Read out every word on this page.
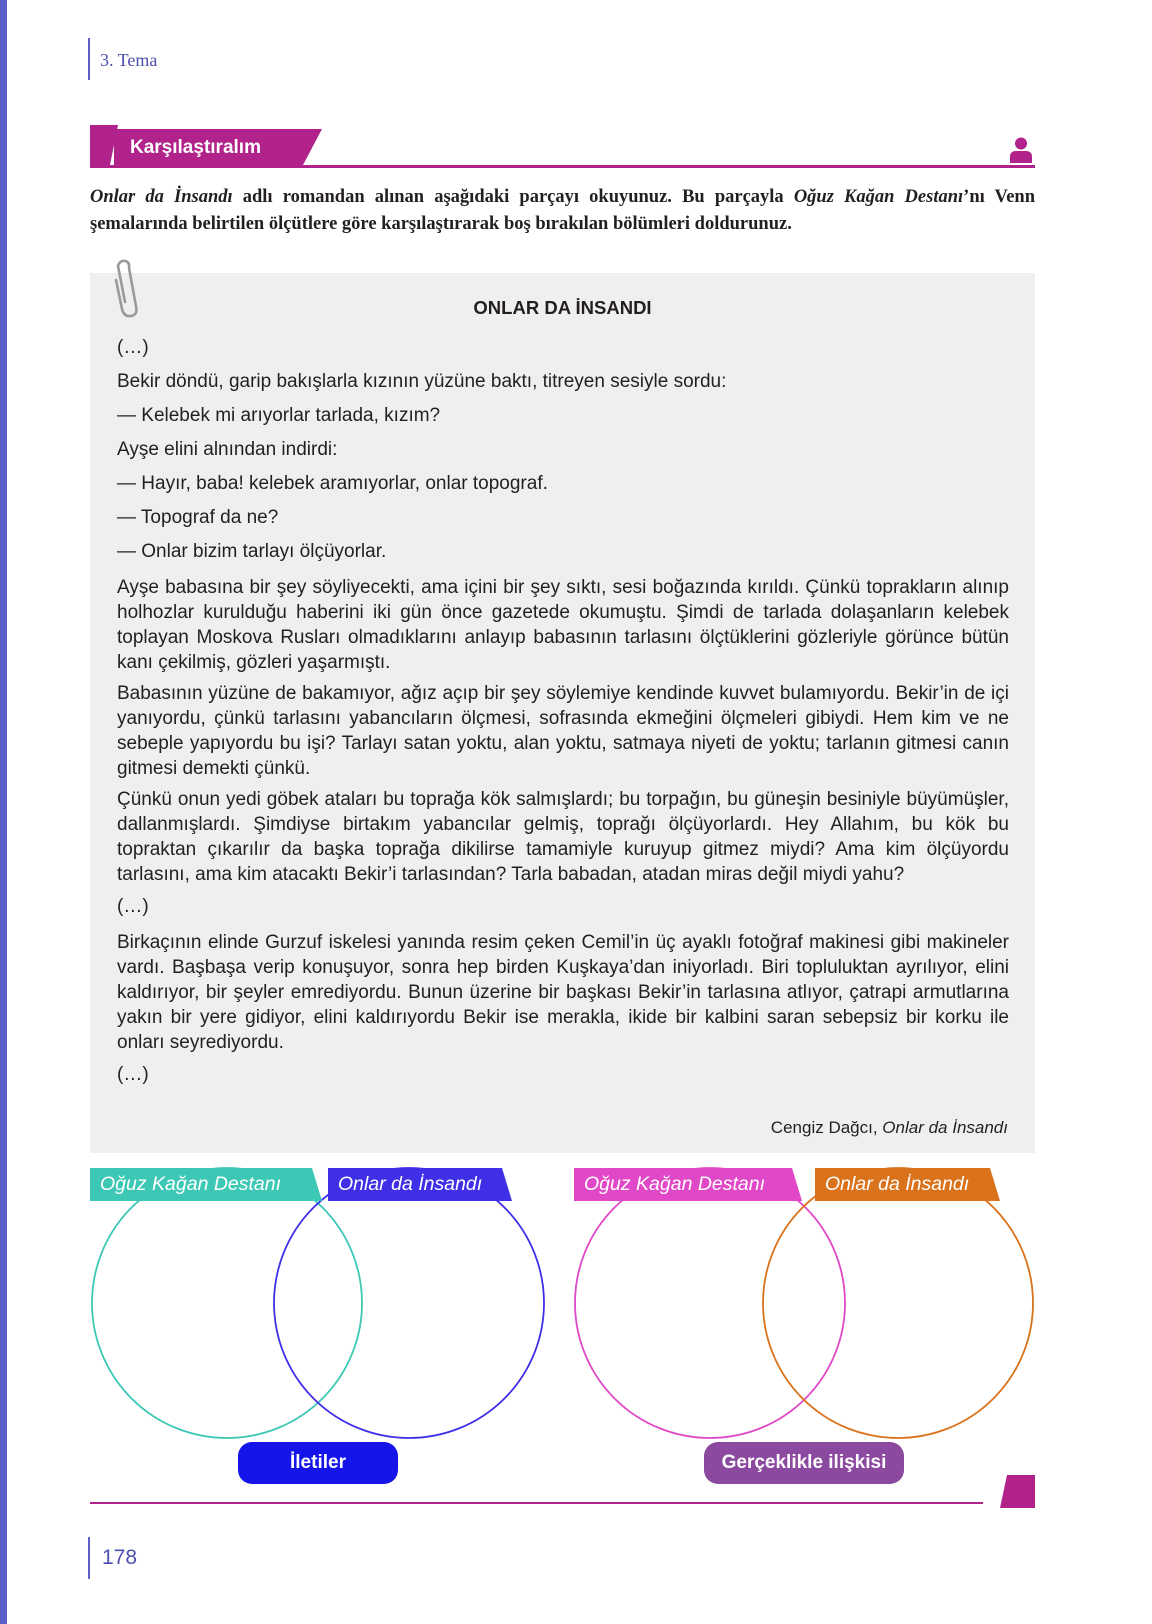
3. Tema
Karşılaştıralım

Onlar da İnsandı adlı romandan alınan aşağıdaki parçayı okuyunuz. Bu parçayla Oğuz Kağan Destanı’nı Venn şemalarında belirtilen ölçütlere göre karşılaştırarak boş bırakılan bölümleri doldurunuz.

ONLAR DA İNSANDI

(…)

Bekir döndü, garip bakışlarla kızının yüzüne baktı, titreyen sesiyle sordu:

— Kelebek mi arıyorlar tarlada, kızım?

Ayşe elini alnından indirdi:

— Hayır, baba! kelebek aramıyorlar, onlar topograf.

— Topograf da ne?

— Onlar bizim tarlayı ölçüyorlar.

Ayşe babasına bir şey söyliyecekti, ama içini bir şey sıktı, sesi boğazında kırıldı. Çünkü toprakların alınıp holhozlar kurulduğu haberini iki gün önce gazetede okumuştu. Şimdi de tarlada dolaşanların kelebek toplayan Moskova Rusları olmadıklarını anlayıp babasının tarlasını ölçtüklerini gözleriyle görünce bütün kanı çekilmiş, gözleri yaşarmıştı.

Babasının yüzüne de bakamıyor, ağız açıp bir şey söylemiye kendinde kuvvet bulamıyordu. Bekir’in de içi yanıyordu, çünkü tarlasını yabancıların ölçmesi, sofrasında ekmeğini ölçmeleri gibiydi. Hem kim ve ne sebeple yapıyordu bu işi? Tarlayı satan yoktu, alan yoktu, satmaya niyeti de yoktu; tarlanın gitmesi canın gitmesi demekti çünkü.

Çünkü onun yedi göbek ataları bu toprağa kök salmışlardı; bu torpağın, bu güneşin besiniyle büyümüşler, dallanmışlardı. Şimdiyse birtakım yabancılar gelmiş, toprağı ölçüyorlardı. Hey Allahım, bu kök bu topraktan çıkarılır da başka toprağa dikilirse tamamiyle kuruyup gitmez miydi? Ama kim ölçüyordu tarlasını, ama kim atacaktı Bekir’i tarlasından? Tarla babadan, atadan miras değil miydi yahu?

(…)

Birkaçının elinde Gurzuf iskelesi yanında resim çeken Cemil’in üç ayaklı fotoğraf makinesi gibi makineler vardı. Başbaşa verip konuşuyor, sonra hep birden Kuşkaya’dan iniyorladı. Biri topluluktan ayrılıyor, elini kaldırıyor, bir şeyler emrediyordu. Bunun üzerine bir başkası Bekir’in tarlasına atlıyor, çatrapi armutlarına yakın bir yere gidiyor, elini kaldırıyordu Bekir ise merakla, ikide bir kalbini saran sebepsiz bir korku ile onları seyrediyordu.

(…)

Cengiz Dağcı, Onlar da İnsandı
Oğuz Kağan Destanı	Onlar da İnsandı	Oğuz Kağan Destanı	Onlar da İnsandı
İletiler	Gerçeklikle ilişkisi
178
